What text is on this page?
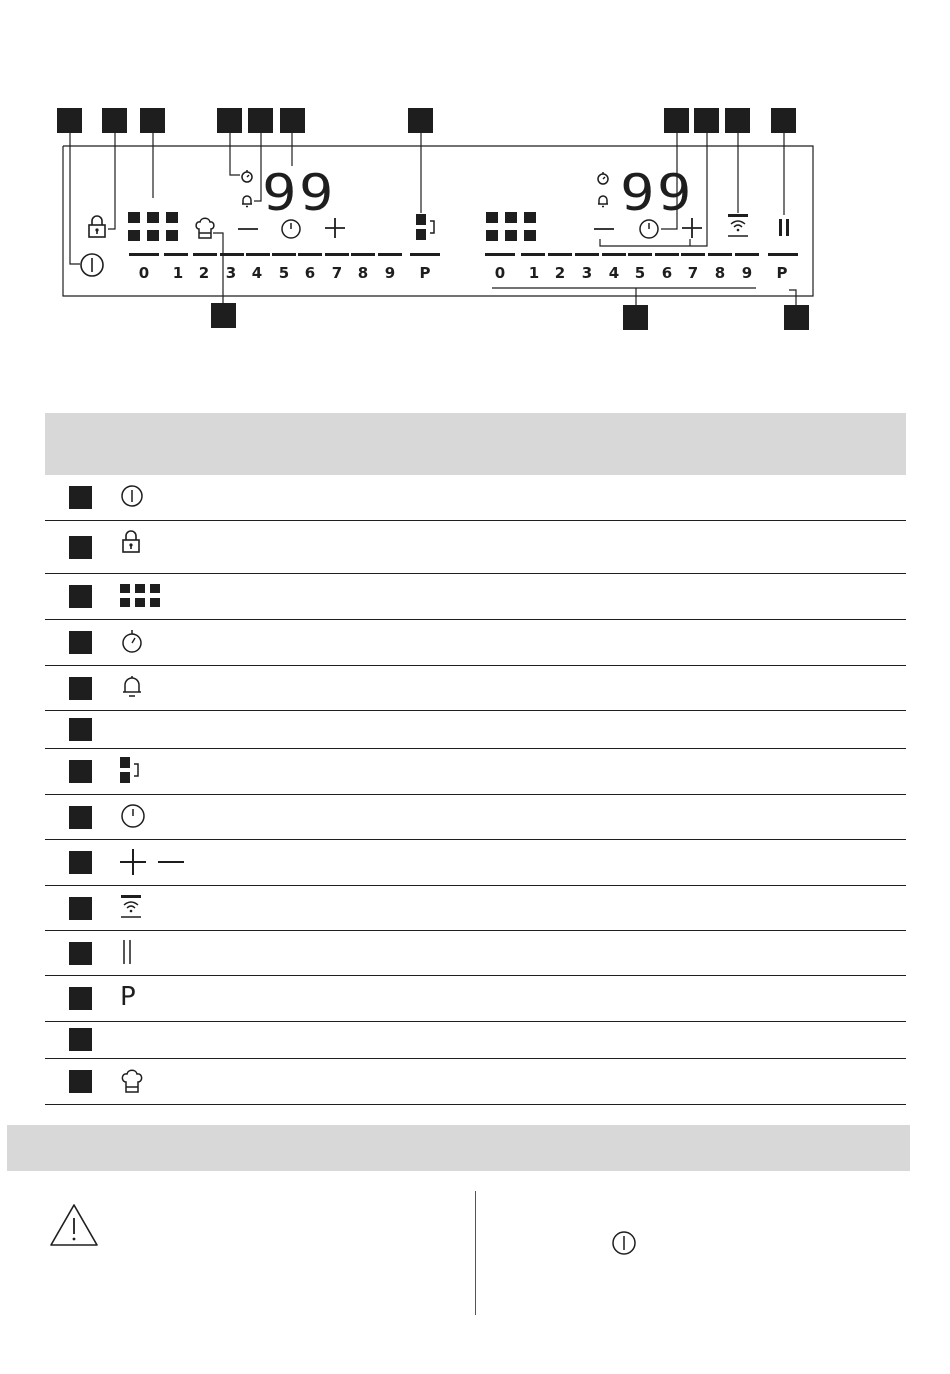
99
0 1 2 3 4 5 6 7 8 9 P
99
0 1 2 3 4 5 6 7 8 9 P
P
